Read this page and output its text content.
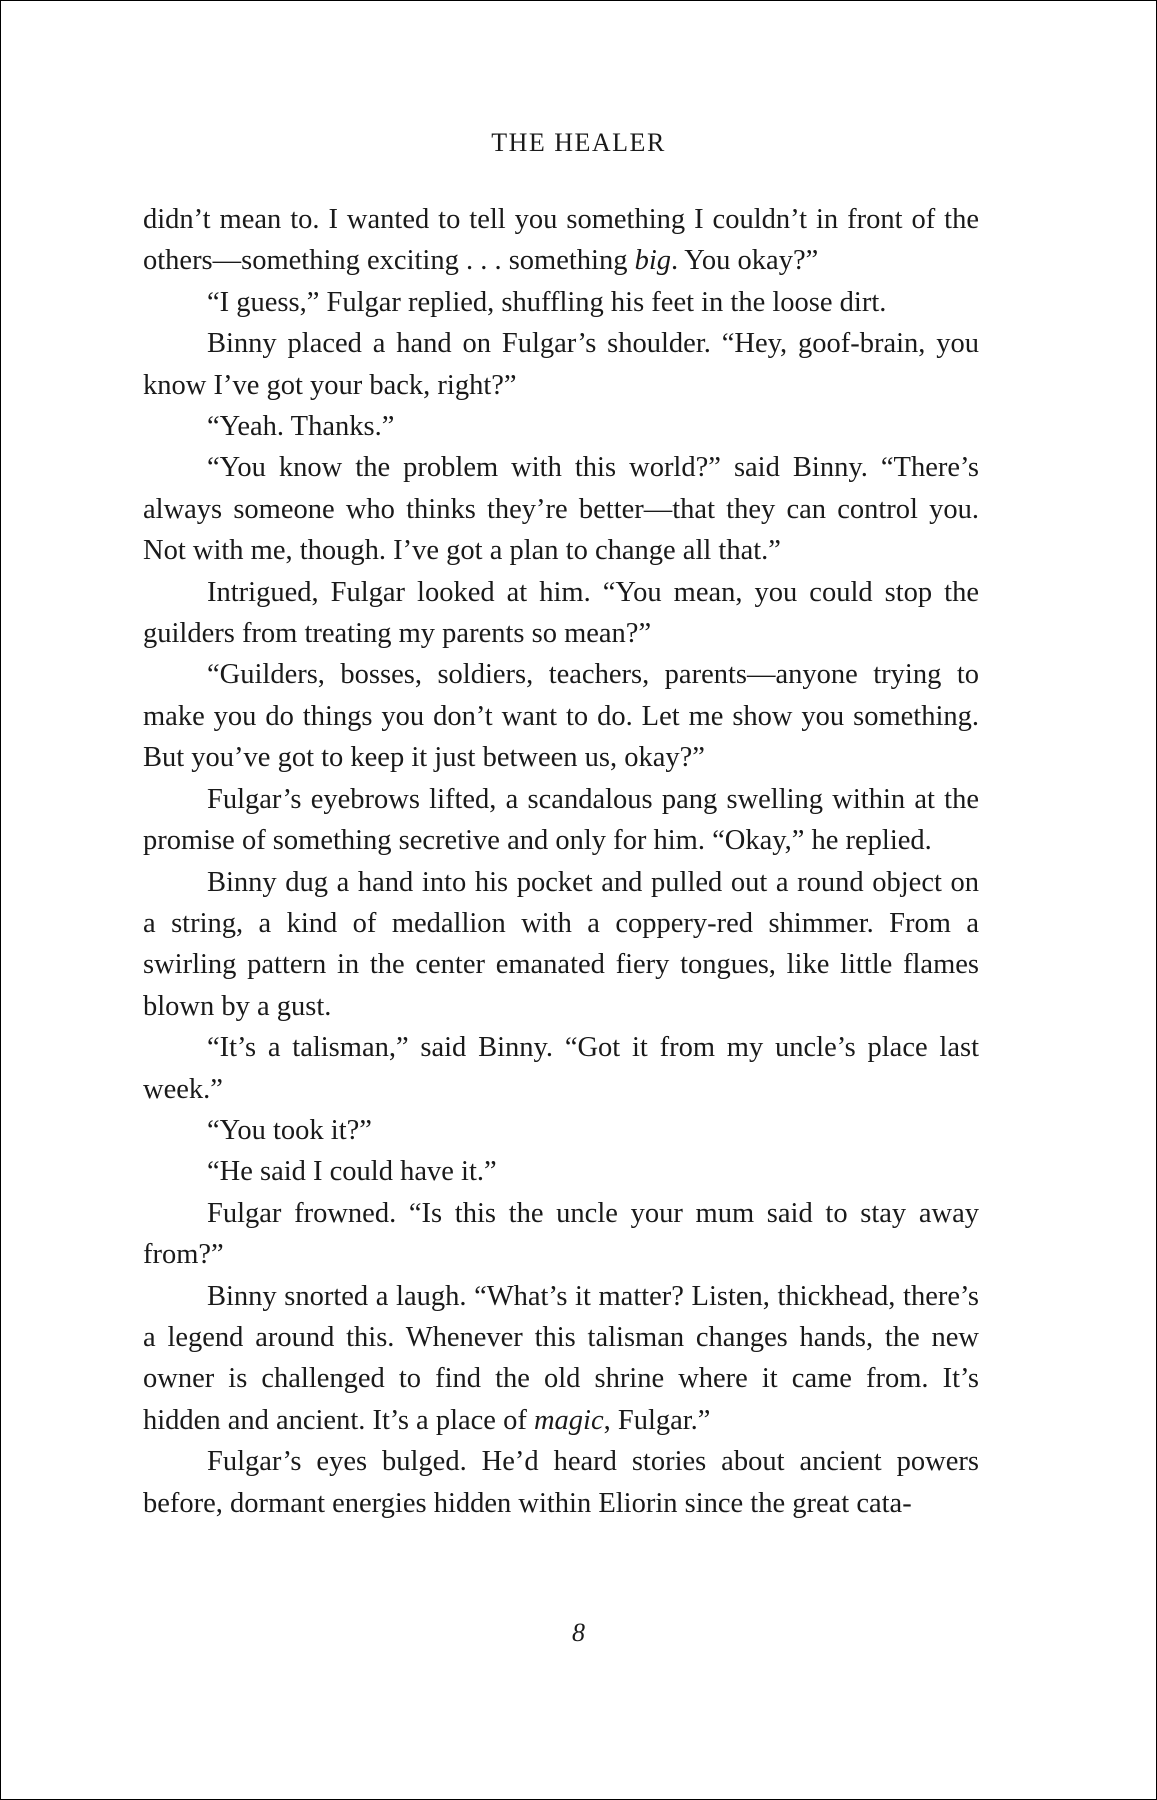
THE HEALER

didn’t mean to. I wanted to tell you something I couldn’t in front of the others—something exciting . . . something big. You okay?”

“I guess,” Fulgar replied, shuffling his feet in the loose dirt.

Binny placed a hand on Fulgar’s shoulder. “Hey, goof-brain, you know I’ve got your back, right?”

“Yeah. Thanks.”

“You know the problem with this world?” said Binny. “There’s always someone who thinks they’re better—that they can control you. Not with me, though. I’ve got a plan to change all that.”

Intrigued, Fulgar looked at him. “You mean, you could stop the guilders from treating my parents so mean?”

“Guilders, bosses, soldiers, teachers, parents—anyone trying to make you do things you don’t want to do. Let me show you something. But you’ve got to keep it just between us, okay?”

Fulgar’s eyebrows lifted, a scandalous pang swelling within at the promise of something secretive and only for him. “Okay,” he replied.

Binny dug a hand into his pocket and pulled out a round object on a string, a kind of medallion with a coppery-red shimmer. From a swirling pattern in the center emanated fiery tongues, like little flames blown by a gust.

“It’s a talisman,” said Binny. “Got it from my uncle’s place last week.”

“You took it?”

“He said I could have it.”

Fulgar frowned. “Is this the uncle your mum said to stay away from?”

Binny snorted a laugh. “What’s it matter? Listen, thickhead, there’s a legend around this. Whenever this talisman changes hands, the new owner is challenged to find the old shrine where it came from. It’s hidden and ancient. It’s a place of magic, Fulgar.”

Fulgar’s eyes bulged. He’d heard stories about ancient powers before, dormant energies hidden within Eliorin since the great cata-

8
